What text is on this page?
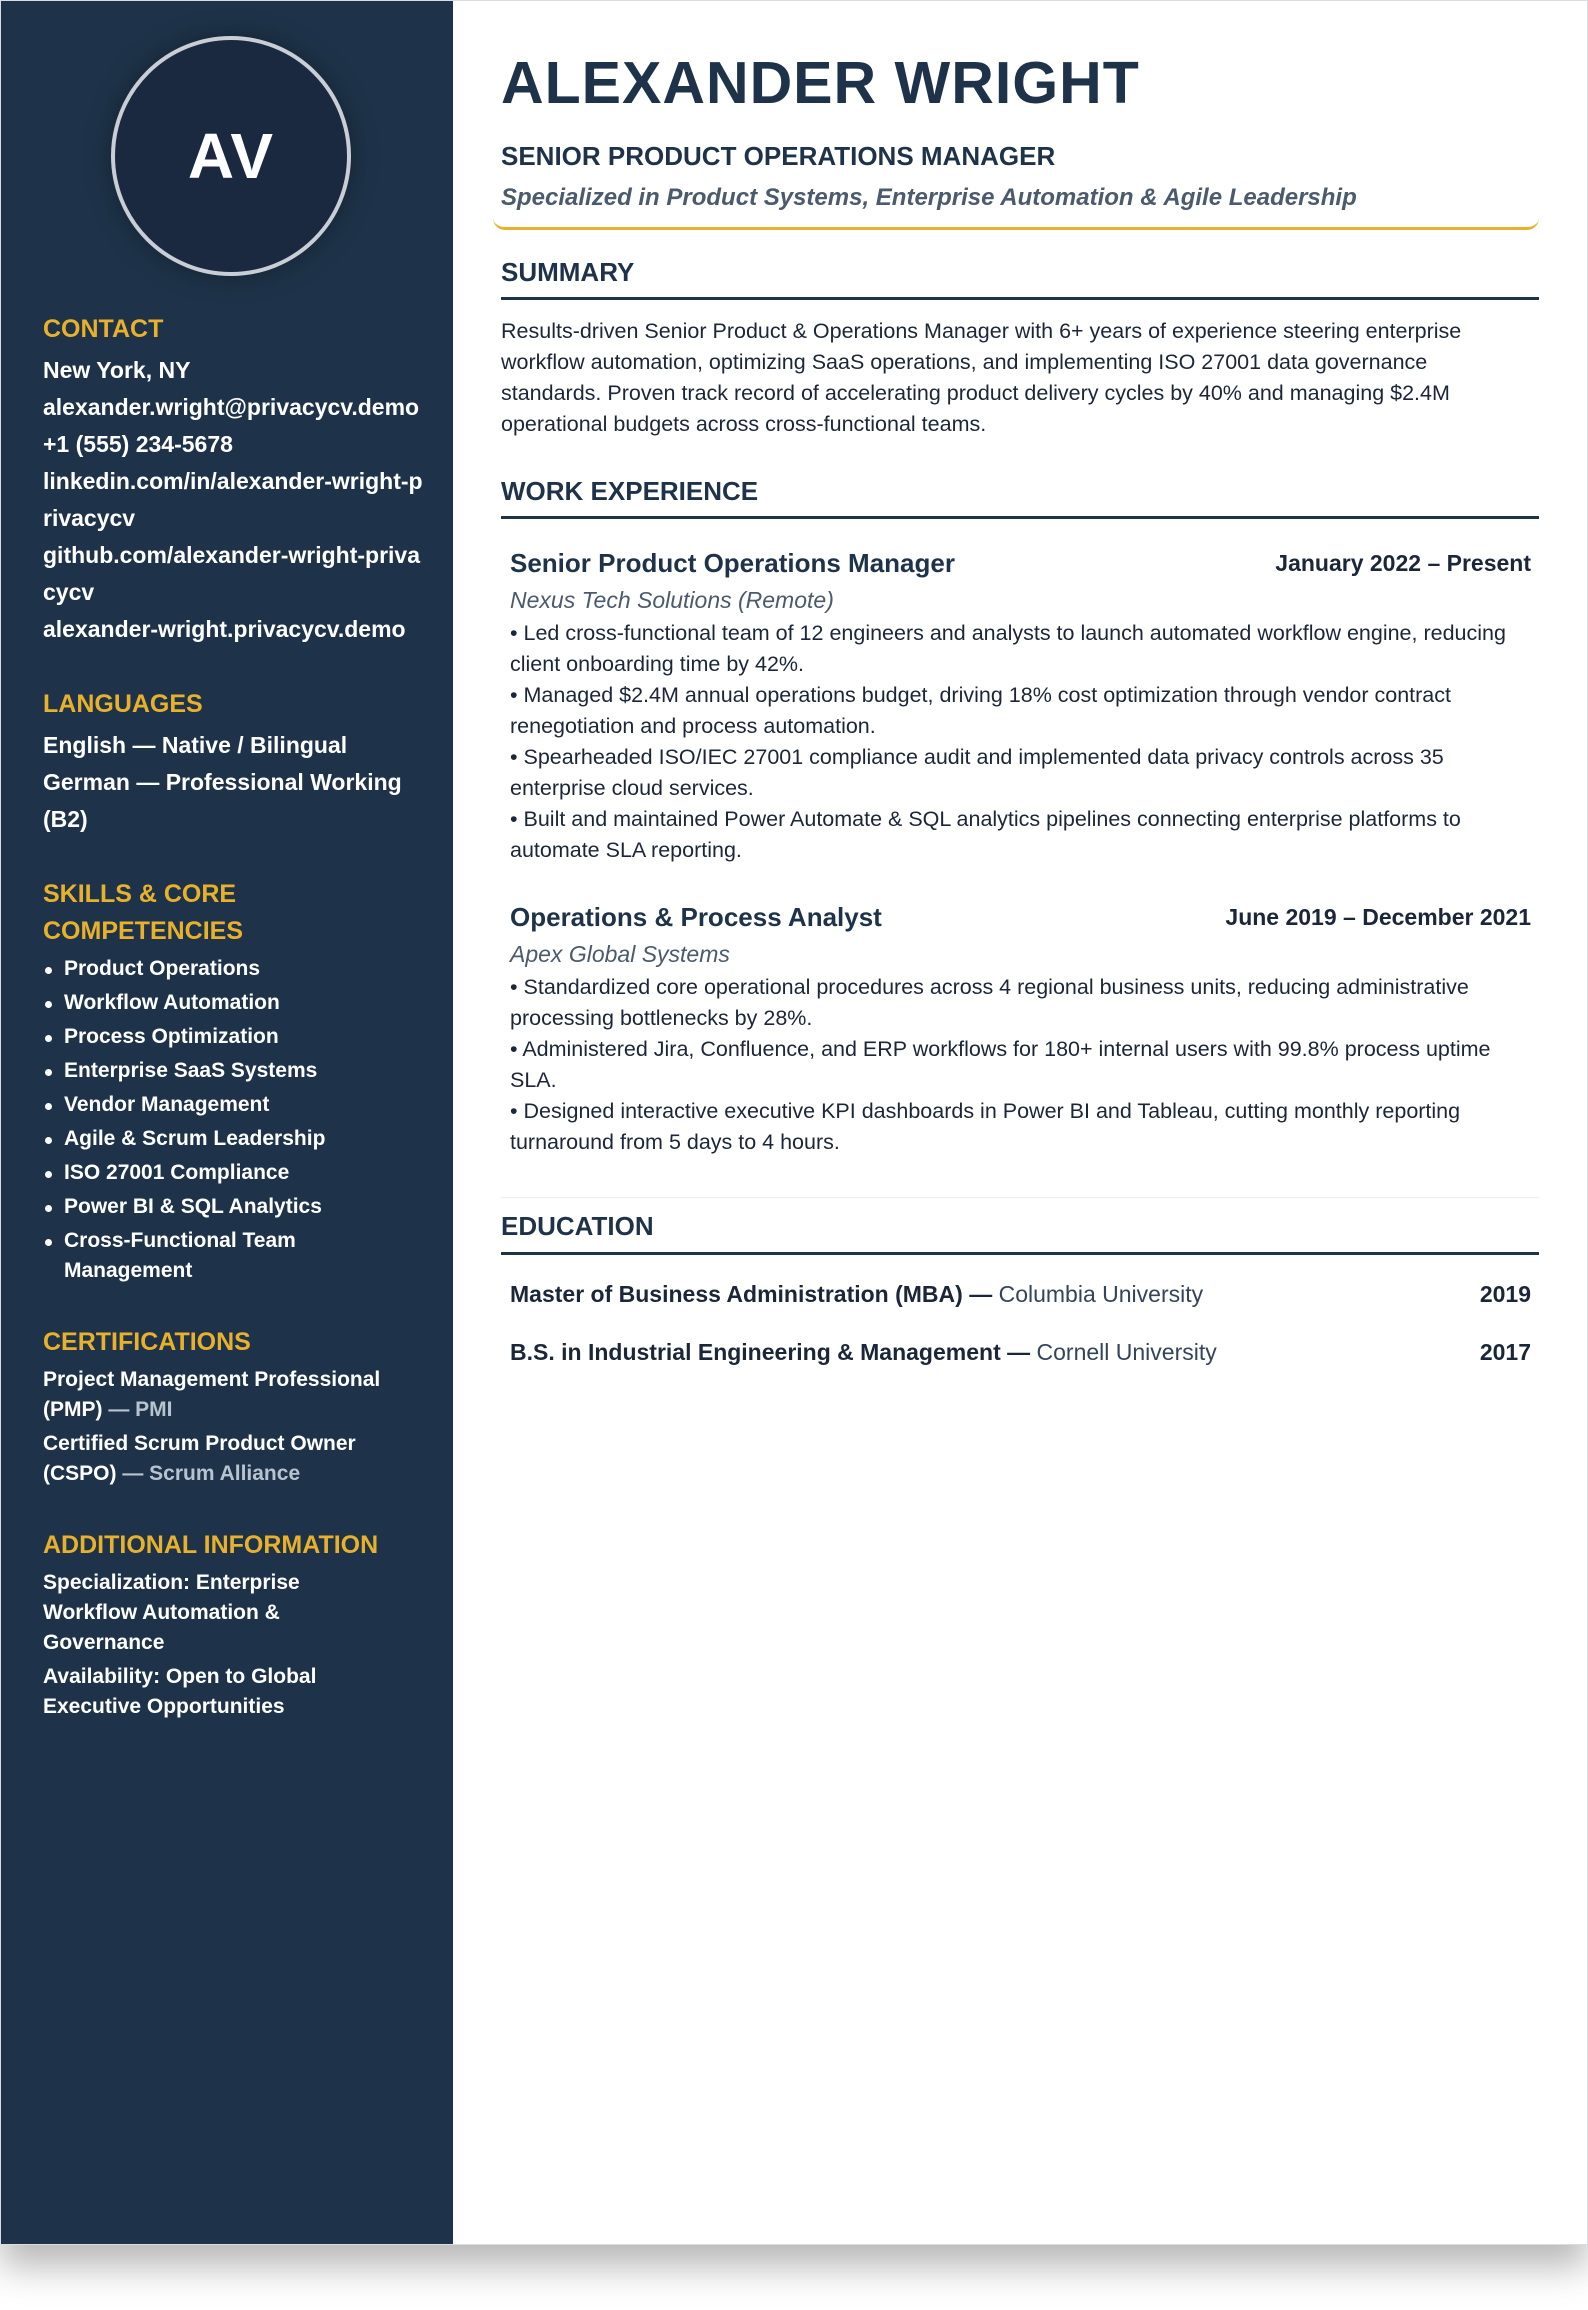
AV
CONTACT
New York, NY
alexander.wright@privacycv.demo
+1 (555) 234-5678
linkedin.com/in/alexander-wright-privacycv
github.com/alexander-wright-privacycv
alexander-wright.privacycv.demo
LANGUAGES
English — Native / Bilingual
German — Professional Working (B2)
SKILLS & CORE COMPETENCIES
Product Operations
Workflow Automation
Process Optimization
Enterprise SaaS Systems
Vendor Management
Agile & Scrum Leadership
ISO 27001 Compliance
Power BI & SQL Analytics
Cross-Functional Team Management
CERTIFICATIONS
Project Management Professional (PMP) — PMI
Certified Scrum Product Owner (CSPO) — Scrum Alliance
ADDITIONAL INFORMATION
Specialization: Enterprise Workflow Automation & Governance
Availability: Open to Global Executive Opportunities
ALEXANDER WRIGHT
SENIOR PRODUCT OPERATIONS MANAGER
Specialized in Product Systems, Enterprise Automation & Agile Leadership
SUMMARY
Results-driven Senior Product & Operations Manager with 6+ years of experience steering enterprise workflow automation, optimizing SaaS operations, and implementing ISO 27001 data governance standards. Proven track record of accelerating product delivery cycles by 40% and managing $2.4M operational budgets across cross-functional teams.
WORK EXPERIENCE
Senior Product Operations Manager	January 2022 – Present
Nexus Tech Solutions (Remote)
• Led cross-functional team of 12 engineers and analysts to launch automated workflow engine, reducing client onboarding time by 42%.
• Managed $2.4M annual operations budget, driving 18% cost optimization through vendor contract renegotiation and process automation.
• Spearheaded ISO/IEC 27001 compliance audit and implemented data privacy controls across 35 enterprise cloud services.
• Built and maintained Power Automate & SQL analytics pipelines connecting enterprise platforms to automate SLA reporting.
Operations & Process Analyst	June 2019 – December 2021
Apex Global Systems
• Standardized core operational procedures across 4 regional business units, reducing administrative processing bottlenecks by 28%.
• Administered Jira, Confluence, and ERP workflows for 180+ internal users with 99.8% process uptime SLA.
• Designed interactive executive KPI dashboards in Power BI and Tableau, cutting monthly reporting turnaround from 5 days to 4 hours.
EDUCATION
Master of Business Administration (MBA) — Columbia University	2019
B.S. in Industrial Engineering & Management — Cornell University	2017
